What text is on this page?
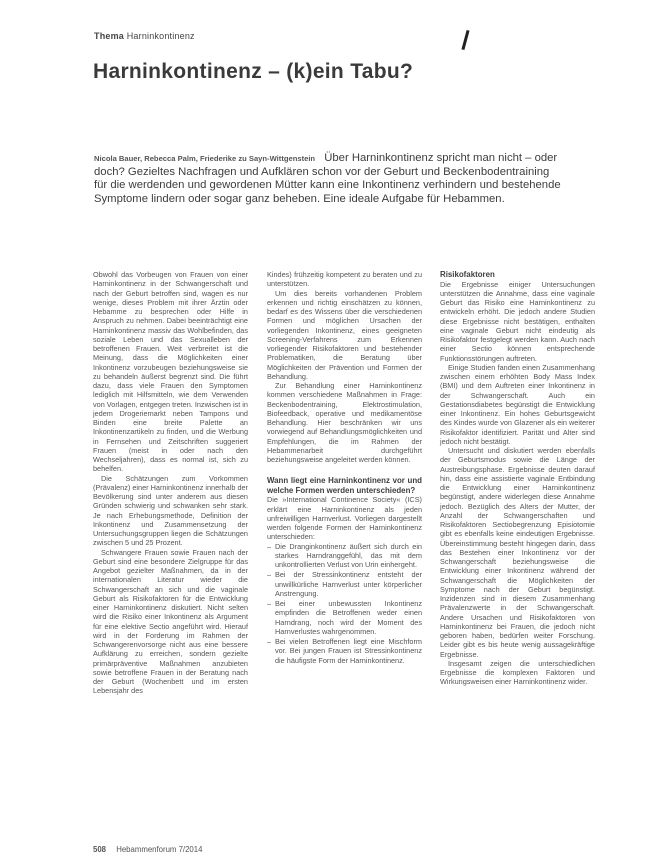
Thema Harninkontinenz
Harninkontinenz – (k)ein Tabu?
Nicola Bauer, Rebecca Palm, Friederike zu Sayn-Wittgenstein Über Harninkontinenz spricht man nicht – oder doch? Gezieltes Nachfragen und Aufklären schon vor der Geburt und Beckenbodentraining für die werdenden und gewordenen Mütter kann eine Inkontinenz verhindern und bestehende Symptome lindern oder sogar ganz beheben. Eine ideale Aufgabe für Hebammen.

Obwohl das Vorbeugen von Frauen von einer Harninkontinenz in der Schwangerschaft und nach der Geburt betroffen sind, wagen es nur wenige, dieses Problem mit ihrer Ärztin oder Hebamme zu besprechen oder Hilfe in Anspruch zu nehmen. Dabei beeinträchtigt eine Harninkontinenz massiv das Wohlbefinden, das soziale Leben und das Sexualleben der betroffenen Frauen. Weit verbreitet ist die Meinung, dass die Möglichkeiten einer Inkontinenz vorzubeugen beziehungsweise sie zu behandeln äußerst begrenzt sind. Die führt dazu, dass viele Frauen den Symptomen lediglich mit Hilfsmitteln, wie dem Verwenden von Vorlagen, entgegen treten. Inzwischen ist in jedem Drogeriemarkt neben Tampons und Binden eine breite Palette an Inkontinenzartikeln zu finden, und die Werbung in Fernsehen und Zeitschriften suggeriert Frauen (meist in oder nach den Wechseljahren), dass es normal ist, sich zu behelfen.

Die Schätzungen zum Vorkommen (Prävalenz) einer Harninkontinenz innerhalb der Bevölkerung sind unter anderem aus diesen Gründen schwierig und schwanken sehr stark. Je nach Erhebungsmethode, Definition der Inkontinenz und Zusammensetzung der Untersuchungsgruppen liegen die Schätzungen zwischen 5 und 25 Prozent.

Schwangere Frauen sowie Frauen nach der Geburt sind eine besondere Zielgruppe für das Angebot gezielter Maßnahmen, da in der internationalen Literatur wieder die Schwangerschaft an sich und die vaginale Geburt als Risikofaktoren für die Entwicklung einer Harninkontinenz diskutiert. Nicht selten wird die Risiko einer Inkontinenz als Argument für eine elektive Sectio angeführt wird. Hierauf wird in der Forderung im Rahmen der Schwangerenvorsorge nicht aus eine bessere Aufklärung zu erreichen, sondern gezielte primärpräventive Maßnahmen anzubieten sowie betroffene Frauen in der Beratung nach der Geburt (Wochenbett und im ersten Lebensjahr des

Kindes) frühzeitig kompetent zu beraten und zu unterstützen.

Um dies bereits vorhandenen Problem erkennen und richtig einschätzen zu können, bedarf es des Wissens über die verschiedenen Formen und möglichen Ursachen der vorliegenden Inkontinenz, eines geeigneten Screening-Verfahrens zum Erkennen vorliegender Risikofaktoren und bestehender Problematiken, die Beratung über Möglichkeiten der Prävention und Formen der Behandlung.

Zur Behandlung einer Harninkontinenz kommen verschiedene Maßnahmen in Frage: Beckenbodentraining, Elektrostimulation, Biofeedback, operative und medikamentöse Behandlung. Hier beschränken wir uns vorwiegend auf Behandlungsmöglichkeiten und Empfehlungen, die im Rahmen der Hebammenarbeit durchgeführt beziehungsweise angeleitet werden können.

Wann liegt eine Harninkontinenz vor und welche Formen werden unterschieden?

Die »International Continence Society« (ICS) erklärt eine Harninkontinenz als jeden unfreiwilligen Harnverlust. Vorliegen dargestellt werden folgende Formen der Harninkontinenz unterschieden:

– Die Dranginkontinenz äußert sich durch ein starkes Harndranggefühl, das mit dem unkontrollierten Verlust von Urin einhergeht.
– Bei der Stressinkontinenz entsteht der unwillkürliche Harnverlust unter körperlicher Anstrengung.
– Bei einer unbewussten Inkontinenz empfinden die Betroffenen weder einen Harndrang, noch wird der Moment des Harnverlustes wahrgenommen.
– Bei vielen Betroffenen liegt eine Mischform vor. Bei jungen Frauen ist Stressinkontinenz die häufigste Form der Harninkontinenz.
Risikofaktoren

Die Ergebnisse einiger Untersuchungen unterstützen die Annahme, dass eine vaginale Geburt das Risiko eine Harninkontinenz zu entwickeln erhöht. Die jedoch andere Studien diese Ergebnisse nicht bestätigen, enthalten eine vaginale Geburt nicht eindeutig als Risikofaktor festgelegt werden kann. Auch nach einer Sectio können entsprechende Funktionsstörungen auftreten.

Einige Studien fanden einen Zusammenhang zwischen einem erhöhten Body Mass Index (BMI) und dem Auftreten einer Inkontinenz in der Schwangerschaft. Auch ein Gestationsdiabetes begünstigt die Entwicklung einer Inkontinenz. Ein hohes Geburtsgewicht des Kindes wurde von Glazener als ein weiterer Risikofaktor identifiziert. Parität und Alter sind jedoch nicht bestätigt.

Untersucht und diskutiert werden ebenfalls der Geburtsmodus sowie die Länge der Austreibungsphase. Ergebnisse deuten darauf hin, dass eine assistierte vaginale Entbindung die Entwicklung einer Harninkontinenz begünstigt, andere widerlegen diese Annahme jedoch. Bezüglich des Alters der Mutter, der Anzahl der Schwangerschaften und Risikofaktoren Sectiobegrenzung Episiotomie gibt es ebenfalls keine eindeutigen Ergebnisse. Übereinstimmung besteht hingegen darin, dass das Bestehen einer Inkontinenz vor der Schwangerschaft beziehungsweise die Entwicklung einer Inkontinenz während der Schwangerschaft die Möglichkeiten der Symptome nach der Geburt begünstigt. Inzidenzen sind in diesem Zusammenhang Prävalenzwerte in der Schwangerschaft. Andere Ursachen und Risikofaktoren von Harninkontinenz bei Frauen, die jedoch nicht geboren haben, bedürfen weiter Forschung. Leider gibt es bis heute wenig aussagekräftige Ergebnisse.

Insgesamt zeigen die unterschiedlichen Ergebnisse die komplexen Faktoren und Wirkungsweisen einer Harninkontinenz wider.

508 Hebammenforum 7/2014
